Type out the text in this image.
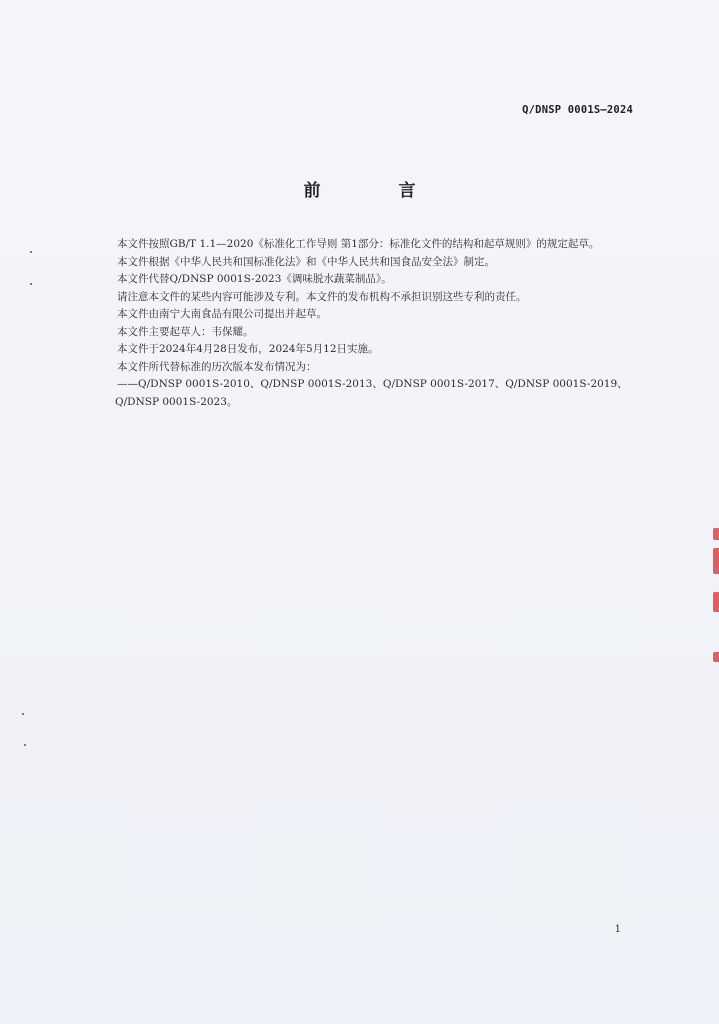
Q/DNSP 0001S—2024
前 言

本文件按照GB/T 1.1—2020《标准化工作导则 第1部分：标准化文件的结构和起草规则》的规定起草。

本文件根据《中华人民共和国标准化法》和《中华人民共和国食品安全法》制定。

本文件代替Q/DNSP 0001S-2023《调味脱水蔬菜制品》。

请注意本文件的某些内容可能涉及专利。本文件的发布机构不承担识别这些专利的责任。

本文件由南宁大南食品有限公司提出并起草。

本文件主要起草人：韦保耀。

本文件于2024年4月28日发布，2024年5月12日实施。

本文件所代替标准的历次版本发布情况为：

——Q/DNSP 0001S-2010、Q/DNSP 0001S-2013、Q/DNSP 0001S-2017、Q/DNSP 0001S-2019、

Q/DNSP 0001S-2023。

1
